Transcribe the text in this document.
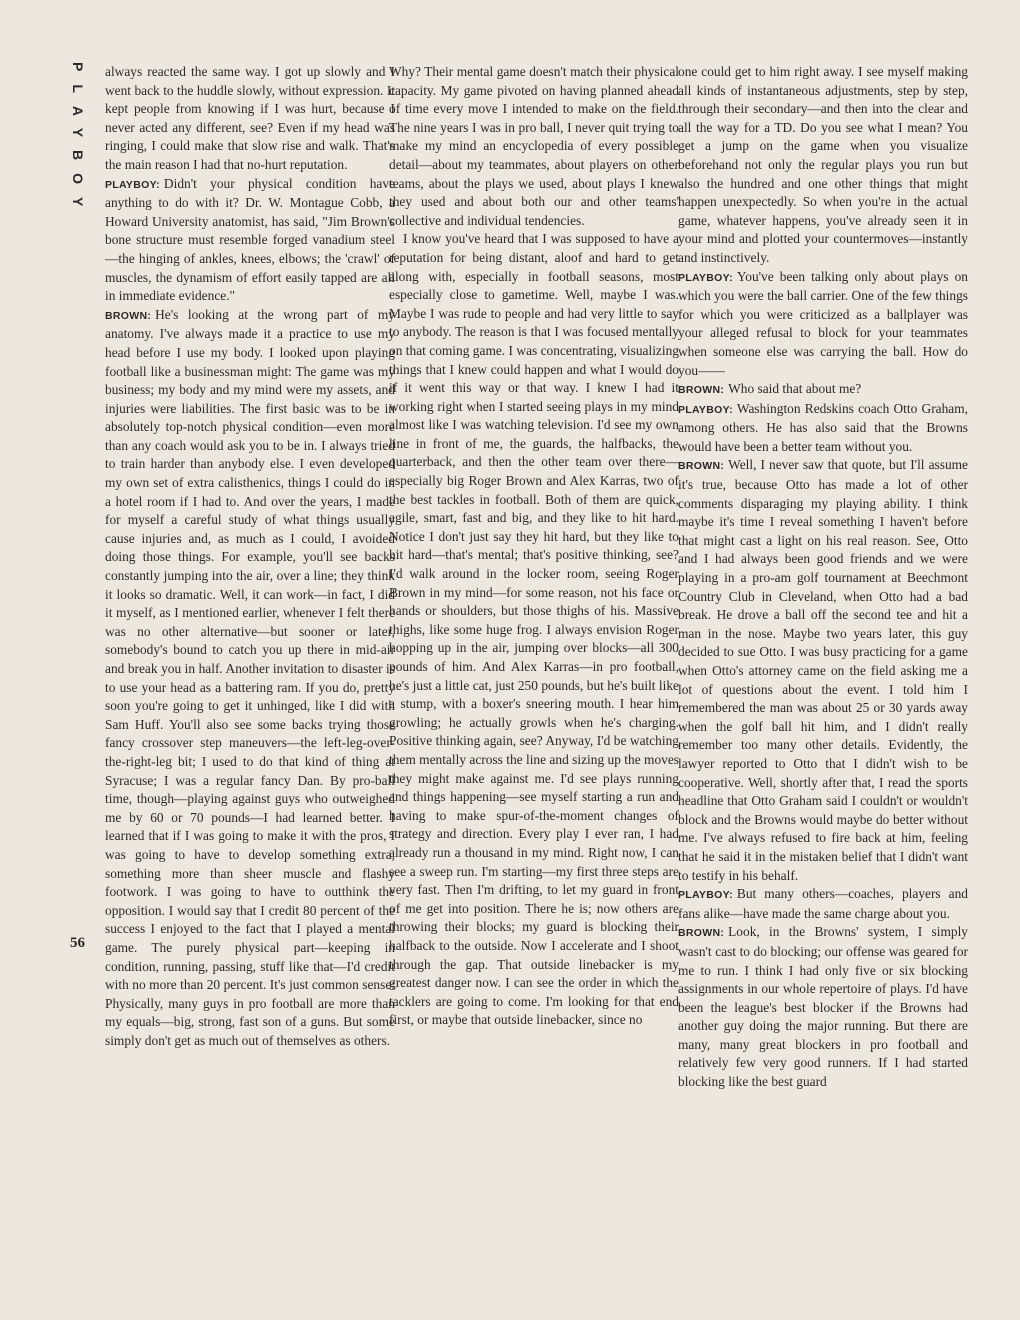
PLAYBOY always reacted the same way. I got up slowly and I went back to the huddle slowly, without expression. It kept people from knowing if I was hurt, because I never acted any different, see? Even if my head was ringing, I could make that slow rise and walk. That's the main reason I had that no-hurt reputation.

PLAYBOY: Didn't your physical condition have anything to do with it? Dr. W. Montague Cobb, a Howard University anatomist, has said, "Jim Brown's bone structure must resemble forged vanadium steel—the hinging of ankles, knees, elbows; the 'crawl' of muscles, the dynamism of effort easily tapped are all in immediate evidence."

BROWN: He's looking at the wrong part of my anatomy. I've always made it a practice to use my head before I use my body. I looked upon playing football like a businessman might: The game was my business; my body and my mind were my assets, and injuries were liabilities. The first basic was to be in absolutely top-notch physical condition—even more than any coach would ask you to be in. I always tried to train harder than anybody else. I even developed my own set of extra calisthenics, things I could do in a hotel room if I had to. And over the years, I made for myself a careful study of what things usually cause injuries and, as much as I could, I avoided doing those things. For example, you'll see backs constantly jumping into the air, over a line; they think it looks so dramatic. Well, it can work—in fact, I did it myself, as I mentioned earlier, whenever I felt there was no other alternative—but sooner or later, somebody's bound to catch you up there in mid-air and break you in half. Another invitation to disaster is to use your head as a battering ram. If you do, pretty soon you're going to get it unhinged, like I did with Sam Huff. You'll also see some backs trying those fancy crossover step maneuvers—the left-leg-over-the-right-leg bit; I used to do that kind of thing at Syracuse; I was a regular fancy Dan. By pro-ball time, though—playing against guys who outweighed me by 60 or 70 pounds—I had learned better. I learned that if I was going to make it with the pros, I was going to have to develop something extra, something more than sheer muscle and flashy footwork. I was going to have to outthink the opposition. I would say that I credit 80 percent of the success I enjoyed to the fact that I played a mental game. The purely physical part—keeping in condition, running, passing, stuff like that—I'd credit with no more than 20 percent. It's just common sense: Physically, many guys in pro football are more than my equals—big, strong, fast son of a guns. But some simply don't get as much out of themselves as others.

Why? Their mental game doesn't match their physical capacity. My game pivoted on having planned ahead of time every move I intended to make on the field. The nine years I was in pro ball, I never quit trying to make my mind an encyclopedia of every possible detail—about my teammates, about players on other teams, about the plays we used, about plays I knew they used and about both our and other teams' collective and individual tendencies.

I know you've heard that I was supposed to have a reputation for being distant, aloof and hard to get along with, especially in football seasons, most especially close to gametime. Well, maybe I was. Maybe I was rude to people and had very little to say to anybody. The reason is that I was focused mentally on that coming game. I was concentrating, visualizing things that I knew could happen and what I would do if it went this way or that way. I knew I had it working right when I started seeing plays in my mind almost like I was watching television. I'd see my own line in front of me, the guards, the halfbacks, the quarterback, and then the other team over there—especially big Roger Brown and Alex Karras, two of the best tackles in football. Both of them are quick, agile, smart, fast and big, and they like to hit hard. Notice I don't just say they hit hard, but they like to hit hard—that's mental; that's positive thinking, see? I'd walk around in the locker room, seeing Roger Brown in my mind—for some reason, not his face or hands or shoulders, but those thighs of his. Massive thighs, like some huge frog. I always envision Roger hopping up in the air, jumping over blocks—all 300 pounds of him. And Alex Karras—in pro football, he's just a little cat, just 250 pounds, but he's built like a stump, with a boxer's sneering mouth. I hear him growling; he actually growls when he's charging. Positive thinking again, see? Anyway, I'd be watching them mentally across the line and sizing up the moves they might make against me. I'd see plays running and things happening—see myself starting a run and having to make spur-of-the-moment changes of strategy and direction. Every play I ever ran, I had already run a thousand in my mind. Right now, I can see a sweep run. I'm starting—my first three steps are very fast. Then I'm drifting, to let my guard in front of me get into position. There he is; now others are throwing their blocks; my guard is blocking their halfback to the outside. Now I accelerate and I shoot through the gap. That outside linebacker is my greatest danger now. I can see the order in which the tacklers are going to come. I'm looking for that end first, or maybe that outside linebacker, since no

one could get to him right away. I see myself making all kinds of instantaneous adjustments, step by step, through their secondary—and then into the clear and all the way for a TD. Do you see what I mean? You get a jump on the game when you visualize beforehand not only the regular plays you run but also the hundred and one other things that might happen unexpectedly. So when you're in the actual game, whatever happens, you've already seen it in your mind and plotted your countermoves—instantly and instinctively.

PLAYBOY: You've been talking only about plays on which you were the ball carrier. One of the few things for which you were criticized as a ballplayer was your alleged refusal to block for your teammates when someone else was carrying the ball. How do you——

BROWN: Who said that about me?

PLAYBOY: Washington Redskins coach Otto Graham, among others. He has also said that the Browns would have been a better team without you.

BROWN: Well, I never saw that quote, but I'll assume it's true, because Otto has made a lot of other comments disparaging my playing ability. I think maybe it's time I reveal something I haven't before that might cast a light on his real reason. See, Otto and I had always been good friends and we were playing in a pro-am golf tournament at Beechmont Country Club in Cleveland, when Otto had a bad break. He drove a ball off the second tee and hit a man in the nose. Maybe two years later, this guy decided to sue Otto. I was busy practicing for a game when Otto's attorney came on the field asking me a lot of questions about the event. I told him I remembered the man was about 25 or 30 yards away when the golf ball hit him, and I didn't really remember too many other details. Evidently, the lawyer reported to Otto that I didn't wish to be cooperative. Well, shortly after that, I read the sports headline that Otto Graham said I couldn't or wouldn't block and the Browns would maybe do better without me. I've always refused to fire back at him, feeling that he said it in the mistaken belief that I didn't want to testify in his behalf.

PLAYBOY: But many others—coaches, players and fans alike—have made the same charge about you.

BROWN: Look, in the Browns' system, I simply wasn't cast to do blocking; our offense was geared for me to run. I think I had only five or six blocking assignments in our whole repertoire of plays. I'd have been the league's best blocker if the Browns had another guy doing the major running. But there are many, many great blockers in pro football and relatively few very good runners. If I had started blocking like the best guard

56
